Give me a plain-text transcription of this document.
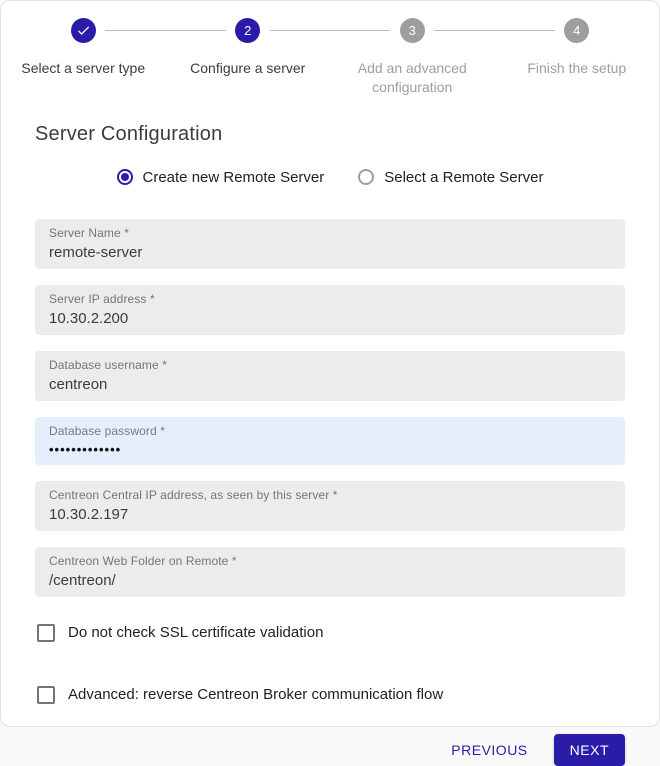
Select a server type
2
Configure a server
3
Add an advanced configuration
4
Finish the setup
Server Configuration
Create new Remote Server	Select a Remote Server
Server Name *
remote-server
Server IP address *
10.30.2.200
Database username *
centreon
Database password *
•••••••••••••
Centreon Central IP address, as seen by this server *
10.30.2.197
Centreon Web Folder on Remote *
/centreon/
Do not check SSL certificate validation
Advanced: reverse Centreon Broker communication flow
PREVIOUS	NEXT
